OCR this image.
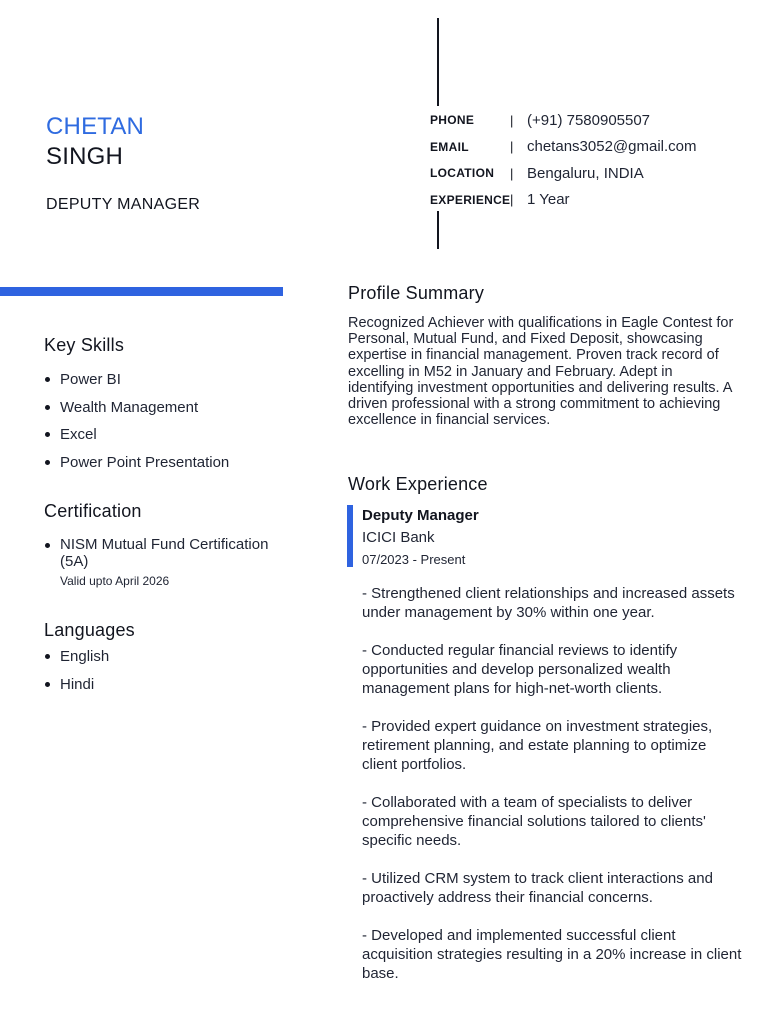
CHETAN
SINGH
DEPUTY MANAGER
PHONE	| (+91) 7580905507
EMAIL	| chetans3052@gmail.com
LOCATION	| Bengaluru, INDIA
EXPERIENCE | 1 Year
Key Skills
Power BI
Wealth Management
Excel
Power Point Presentation
Certification
NISM Mutual Fund Certification (5A)
Valid upto April 2026
Languages
English
Hindi
Profile Summary
Recognized Achiever with qualifications in Eagle Contest for Personal, Mutual Fund, and Fixed Deposit, showcasing expertise in financial management. Proven track record of excelling in M52 in January and February. Adept in identifying investment opportunities and delivering results. A driven professional with a strong commitment to achieving excellence in financial services.
Work Experience
Deputy Manager
ICICI Bank
07/2023 - Present
- Strengthened client relationships and increased assets under management by 30% within one year.
- Conducted regular financial reviews to identify opportunities and develop personalized wealth management plans for high-net-worth clients.
- Provided expert guidance on investment strategies, retirement planning, and estate planning to optimize client portfolios.
- Collaborated with a team of specialists to deliver comprehensive financial solutions tailored to clients' specific needs.
- Utilized CRM system to track client interactions and proactively address their financial concerns.
- Developed and implemented successful client acquisition strategies resulting in a 20% increase in client base.
